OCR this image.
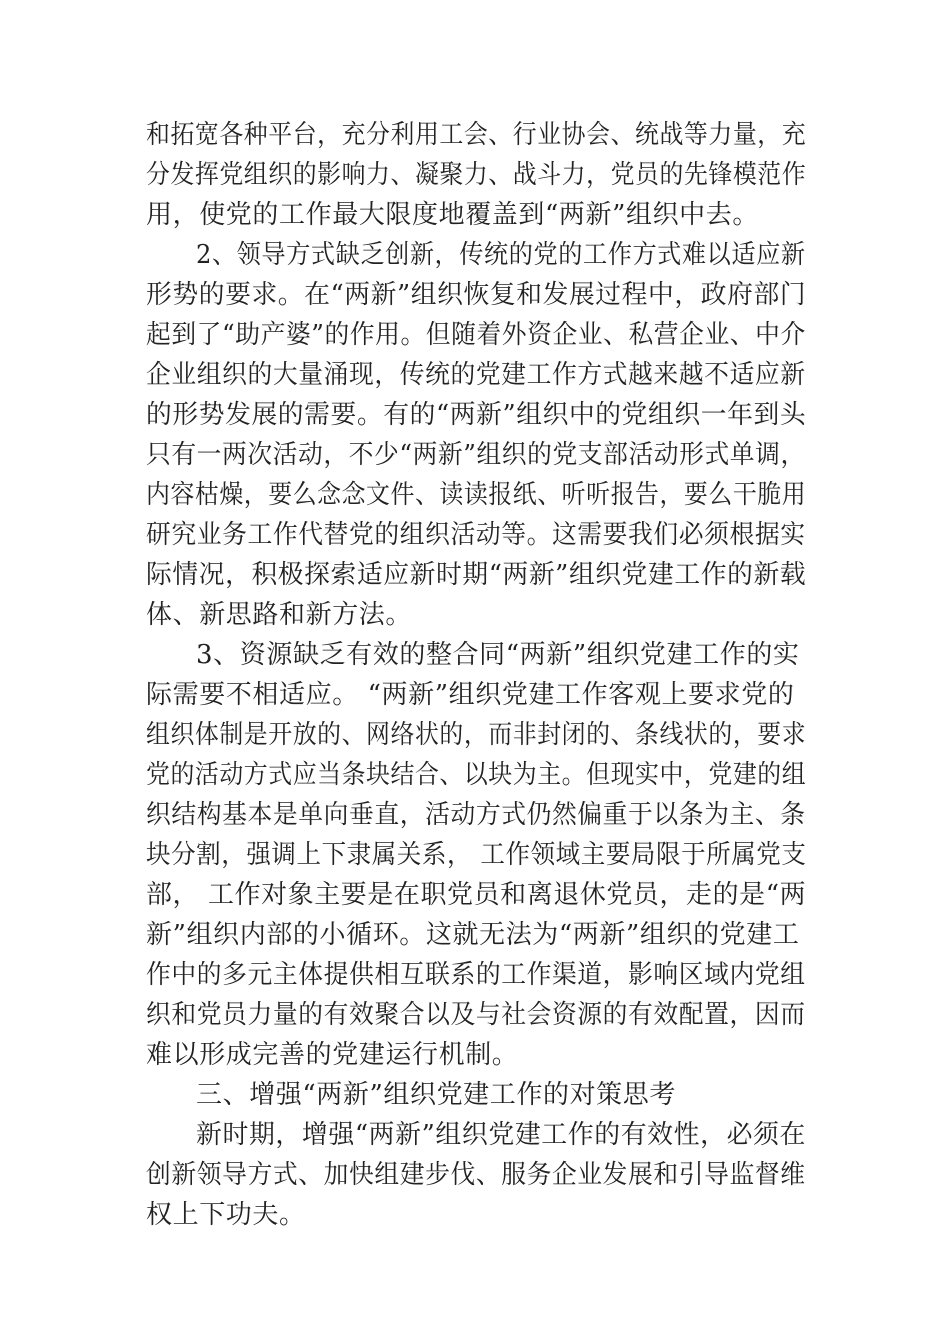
和拓宽各种平台，充分利用工会、行业协会、统战等力量，充
分发挥党组织的影响力、凝聚力、战斗力，党员的先锋模范作
用，使党的工作最大限度地覆盖到“两新”组织中去。
2、领导方式缺乏创新，传统的党的工作方式难以适应新
形势的要求。在“两新”组织恢复和发展过程中，政府部门
起到了“助产婆”的作用。但随着外资企业、私营企业、中介
企业组织的大量涌现，传统的党建工作方式越来越不适应新
的形势发展的需要。有的“两新”组织中的党组织一年到头
只有一两次活动，不少“两新”组织的党支部活动形式单调，
内容枯燥，要么念念文件、读读报纸、听听报告，要么干脆用
研究业务工作代替党的组织活动等。这需要我们必须根据实
际情况，积极探索适应新时期“两新”组织党建工作的新载
体、新思路和新方法。
3、资源缺乏有效的整合同“两新”组织党建工作的实
际需要不相适应。 “两新”组织党建工作客观上要求党的
组织体制是开放的、网络状的，而非封闭的、条线状的，要求
党的活动方式应当条块结合、以块为主。但现实中，党建的组
织结构基本是单向垂直，活动方式仍然偏重于以条为主、条
块分割，强调上下隶属关系， 工作领域主要局限于所属党支
部， 工作对象主要是在职党员和离退休党员，走的是“两
新”组织内部的小循环。这就无法为“两新”组织的党建工
作中的多元主体提供相互联系的工作渠道，影响区域内党组
织和党员力量的有效聚合以及与社会资源的有效配置，因而
难以形成完善的党建运行机制。
三、增强“两新”组织党建工作的对策思考
新时期，增强“两新”组织党建工作的有效性，必须在
创新领导方式、加快组建步伐、服务企业发展和引导监督维
权上下功夫。
